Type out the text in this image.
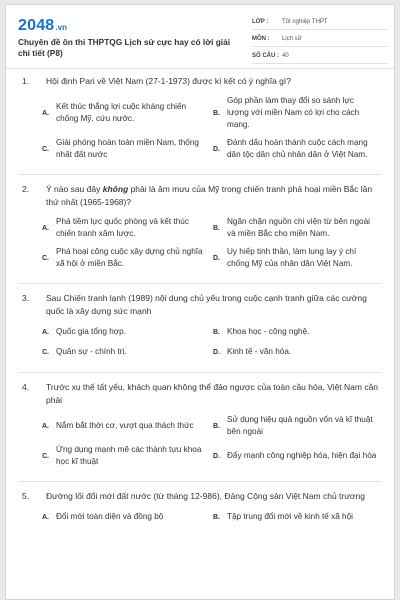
2048 .vn
Chuyên đề ôn thi THPTQG Lịch sử cực hay có lời giải chi tiết (P8)
LỚP :	Tốt nghiệp THPT
MÔN :	Lịch sử
SỐ CÂU : 40
1.	Hội định Pari về Việt Nam (27-1-1973) được kí kết có ý nghĩa gì?
A.
Kết thúc thắng lợi cuộc kháng chiến chống Mỹ, cứu nước.
B.
Góp phần làm thay đổi so sánh lực lượng với miền Nam có lợi cho cách mạng.
C.
Giải phóng hoàn toàn miền Nam, thống nhất đất nước
D.
Đánh dấu hoàn thành cuộc cách mạng dân tộc dân chủ nhân dân ở Việt Nam.
2.	Ý nào sau đây không phải là âm mưu của Mỹ trong chiến tranh phá hoại miền Bắc lần thứ nhất (1965-1968)?
A.
Phá tiềm lực quốc phòng và kết thúc chiến tranh xâm lược.
B.
Ngăn chặn nguồn chi viện từ bên ngoài và miền Bắc cho miền Nam.
C.
Phá hoại công cuộc xây dựng chủ nghĩa xã hội ở miền Bắc.
D.
Uy hiếp tinh thần, làm lung lay ý chí chống Mỹ của nhân dân Việt Nam.
3.	Sau Chiến tranh lạnh (1989) nội dung chủ yếu trong cuộc cạnh tranh giữa các cường quốc là xây dựng sức mạnh
A. Quốc gia tổng hợp.	B. Khoa học - công nghệ.
C. Quân sự - chính trị.	D. Kinh tế - văn hóa.
4.	Trước xu thế tất yếu, khách quan không thể đảo ngược của toàn cầu hóa, Việt Nam cần phải
A. Nắm bắt thời cơ, vượt qua thách thức	B.
Sử dụng hiệu quả nguồn vốn và kĩ thuật bên ngoài
C.
Ứng dụng mạnh mẽ các thành tựu khoa học kĩ thuật
D. Đẩy mạnh công nghiệp hóa, hiện đại hóa
5.	Đường lối đổi mới đất nước (từ tháng 12-986), Đảng Cộng sản Việt Nam chủ trương
A. Đổi mới toàn diện và đồng bộ	B. Tập trung đổi mới về kinh tế xã hội
